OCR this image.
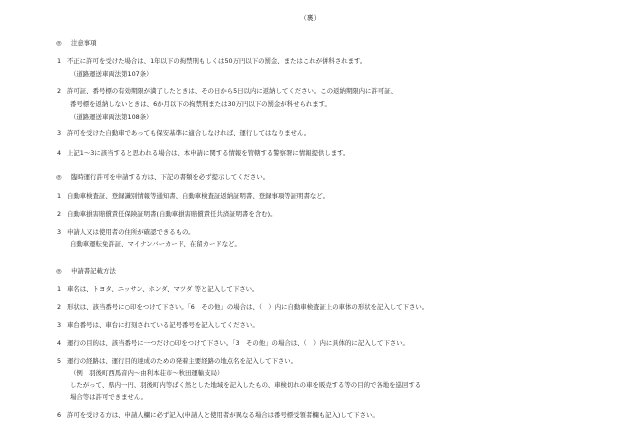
（裏）
◎ 注意事項
1 不正に許可を受けた場合は、1年以下の拘禁刑もしくは50万円以下の罰金、またはこれが併科されます。
（道路運送車両法第107条）
2 許可証、番号標の有効期限が満了したときは、その日から5日以内に返納してください。この返納期限内に許可証、
番号標を返納しないときは、6か月以下の拘禁刑または30万円以下の罰金が科せられます。
（道路運送車両法第108条）
3 許可を受けた自動車であっても保安基準に適合しなければ、運行してはなりません。
4 上記1～3に該当すると思われる場合は、本申請に関する情報を管轄する警察署に情報提供します。
◎ 臨時運行許可を申請する方は、下記の書類を必ず提示してください。
1 自動車検査証、登録識別情報等通知書、自動車検査証返納証明書、登録事項等証明書など。
2 自動車損害賠償責任保険証明書(自動車損害賠償責任共済証明書を含む)。
3 申請人又は使用者の住所が確認できるもの。
自動車運転免許証、マイナンバーカード、在留カードなど。
◎ 申請書記載方法
1 車名は、トヨタ、ニッサン、ホンダ、マツダ 等と記入して下さい。
2 形状は、該当番号に○印をつけて下さい。「6　その他」の場合は、（　）内に自動車検査証上の車体の形状を記入して下さい。
3 車台番号は、車台に打刻されている記号番号を記入してください。
4 運行の目的は、該当番号に一つだけ○印をつけて下さい。「3　その他」の場合は、（　）内に具体的に記入して下さい。
5 運行の経路は、運行目的達成のための発着主要経路の地点名を記入して下さい。
（例　羽後町西馬音内～由利本荘市～秋田運輸支局）
したがって、県内一円、羽後町内等ばく然とした地域を記入したもの、車検切れの車を販売する等の目的で各地を巡回する
場合等は許可できません。
6 許可を受ける方は、申請人欄に必ず記入(申請人と使用者が異なる場合は番号標受領者欄も記入)して下さい。
